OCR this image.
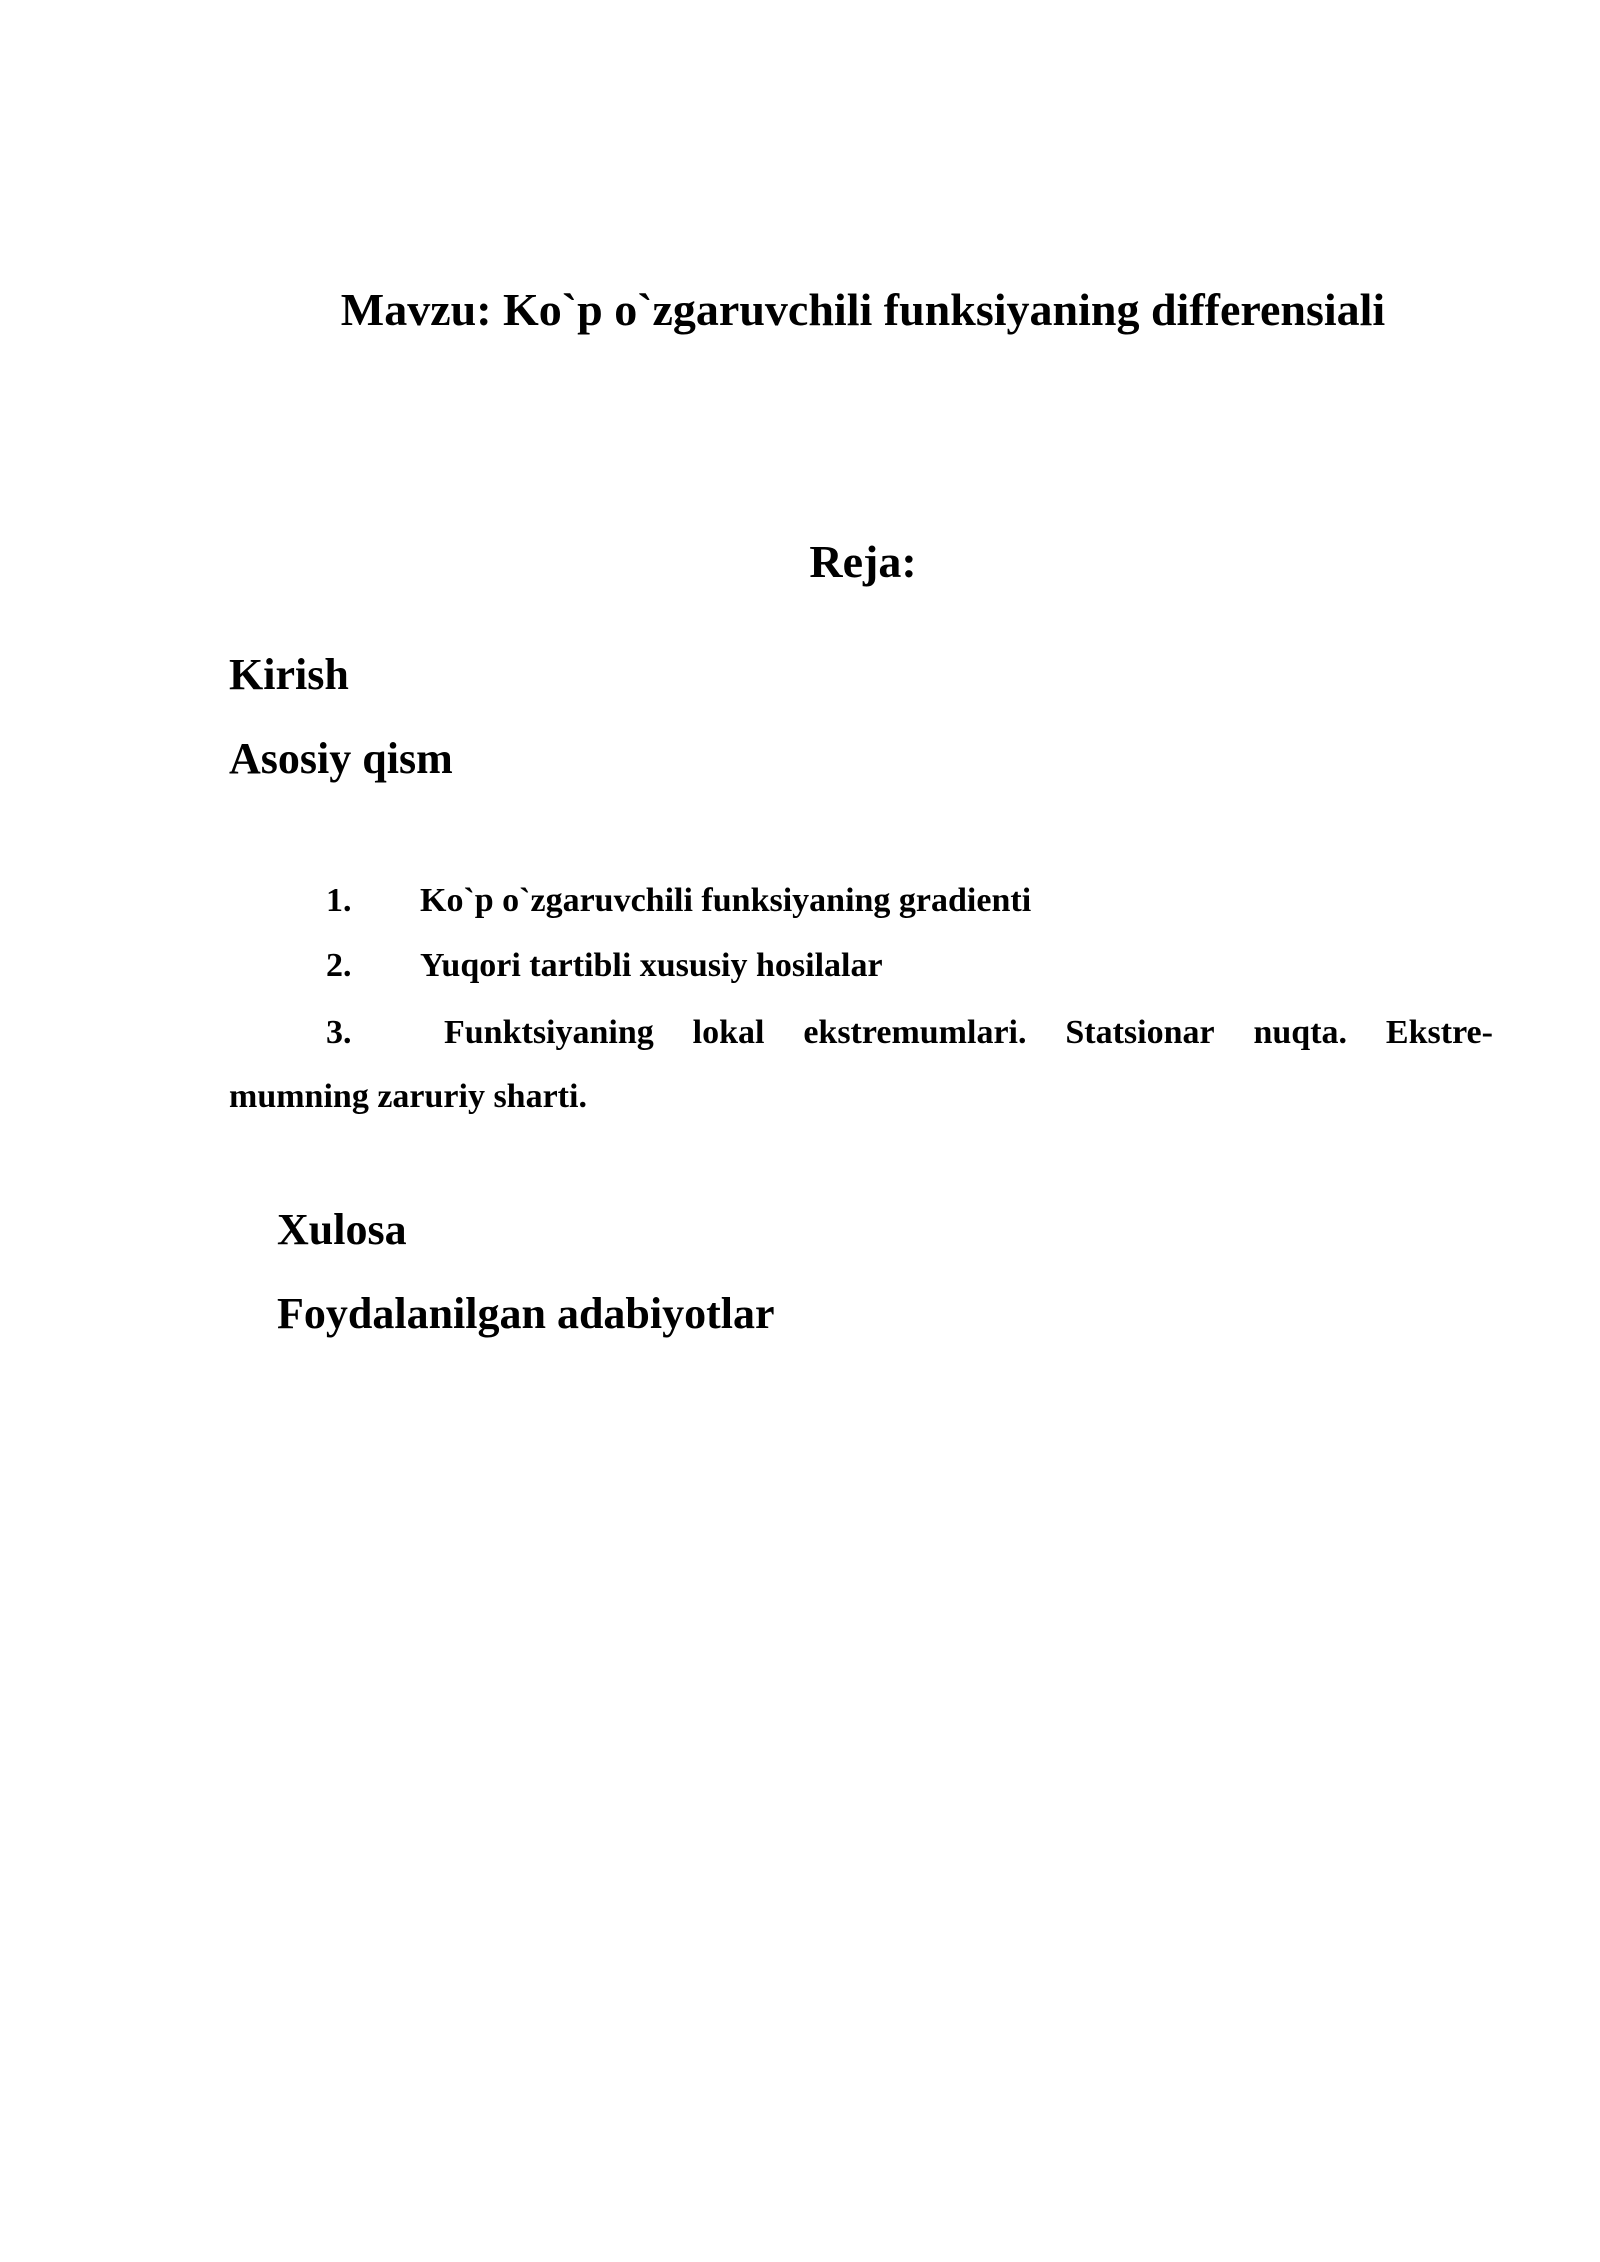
Mavzu: Ko`p o`zgaruvchili funksiyaning differensiali
Reja:
Kirish
Asosiy qism
1. Ko`p o`zgaruvchili funksiyaning gradienti
2. Yuqori tartibli xususiy hosilalar
3.	Funktsiyaning lokal ekstremumlari. Statsionar nuqta. Ekstre-
mumning zaruriy sharti.
Xulosa
Foydalanilgan adabiyotlar
